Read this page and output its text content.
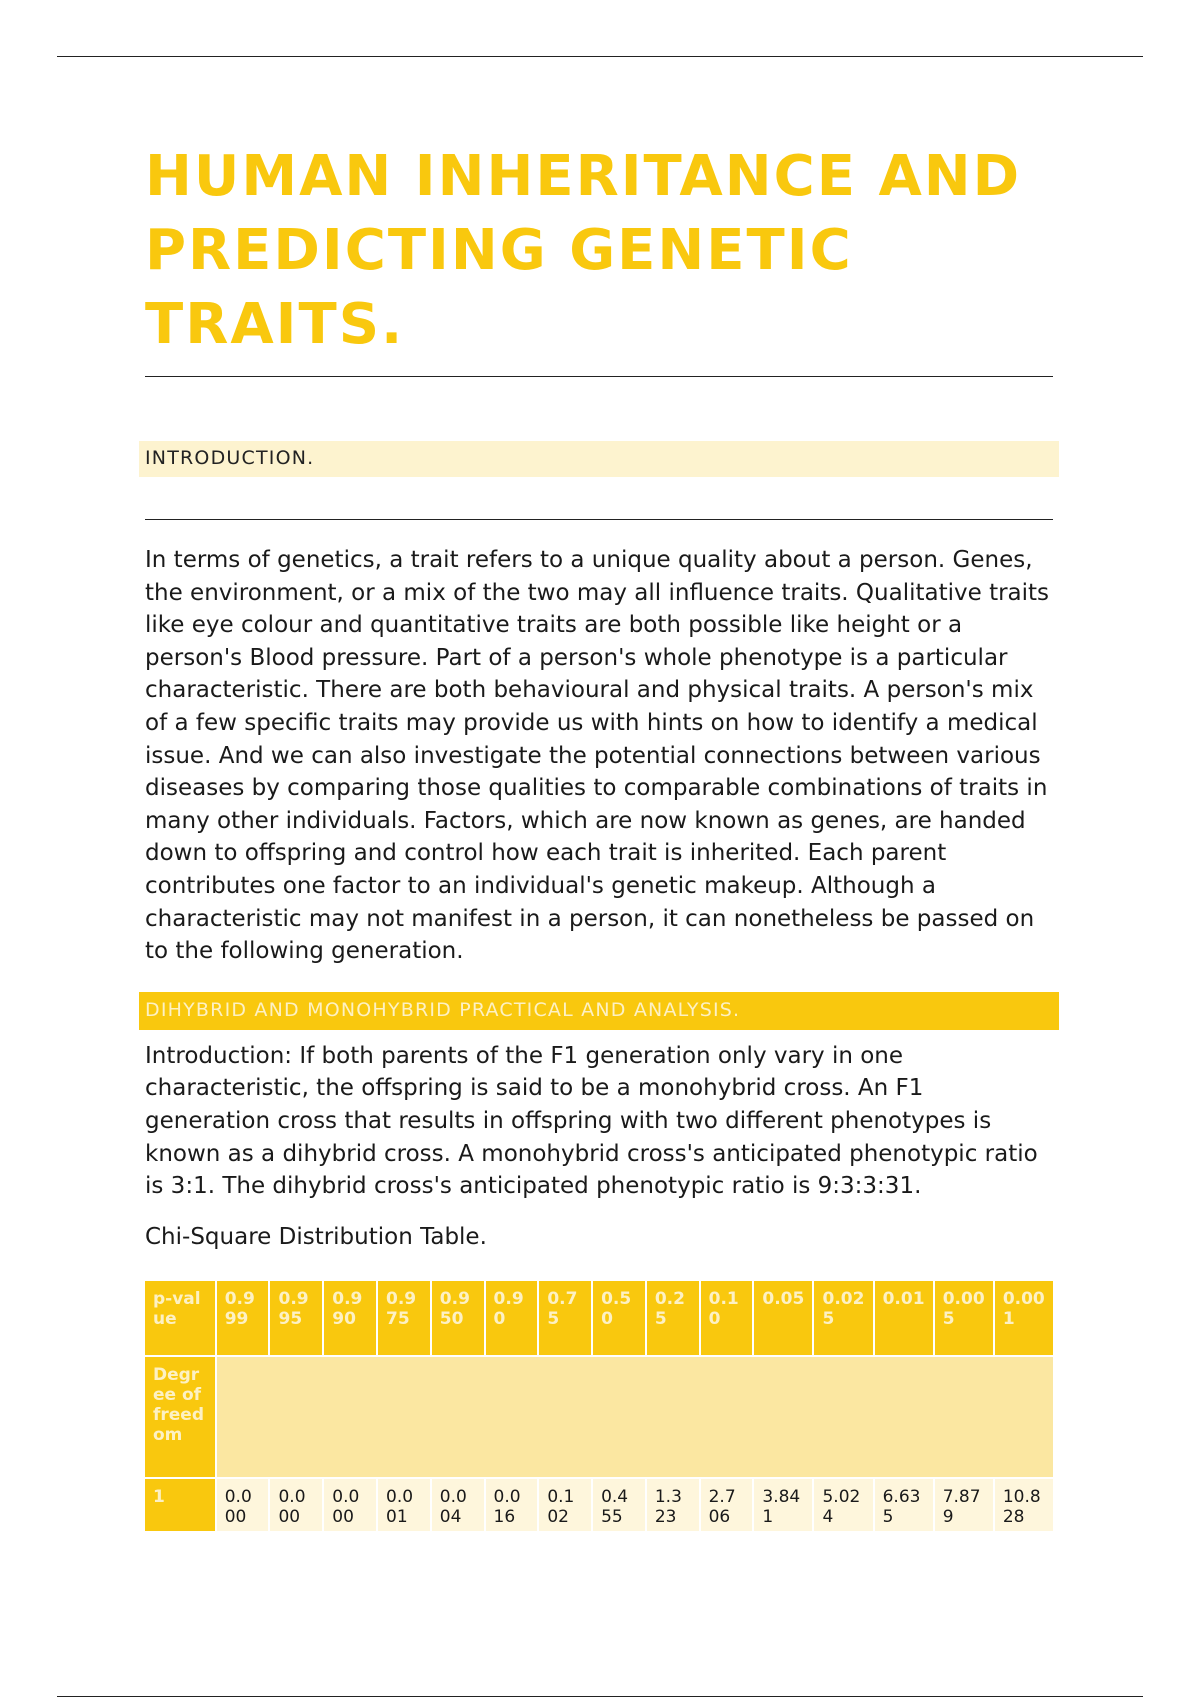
HUMAN INHERITANCE AND PREDICTING GENETIC TRAITS.
INTRODUCTION.

In terms of genetics, a trait refers to a unique quality about a person. Genes, the environment, or a mix of the two may all influence traits. Qualitative traits like eye colour and quantitative traits are both possible like height or a person's Blood pressure. Part of a person's whole phenotype is a particular characteristic. There are both behavioural and physical traits. A person's mix of a few specific traits may provide us with hints on how to identify a medical issue. And we can also investigate the potential connections between various diseases by comparing those qualities to comparable combinations of traits in many other individuals. Factors, which are now known as genes, are handed down to offspring and control how each trait is inherited. Each parent contributes one factor to an individual's genetic makeup. Although a characteristic may not manifest in a person, it can nonetheless be passed on to the following generation.

DIHYBRID AND MONOHYBRID PRACTICAL AND ANALYSIS.

Introduction: If both parents of the F1 generation only vary in one characteristic, the offspring is said to be a monohybrid cross. An F1 generation cross that results in offspring with two different phenotypes is known as a dihybrid cross. A monohybrid cross's anticipated phenotypic ratio is 3:1. The dihybrid cross's anticipated phenotypic ratio is 9:3:3:31.

Chi-Square Distribution Table.

p-value	0.999	0.995	0.990	0.975	0.950	0.90	0.75	0.50	0.25	0.10	0.05	0.025	0.01	0.005	0.001
Degree of freedom															
1	0.000	0.000	0.000	0.001	0.004	0.016	0.102	0.455	1.323	2.706	3.841	5.024	6.635	7.879	10.828
